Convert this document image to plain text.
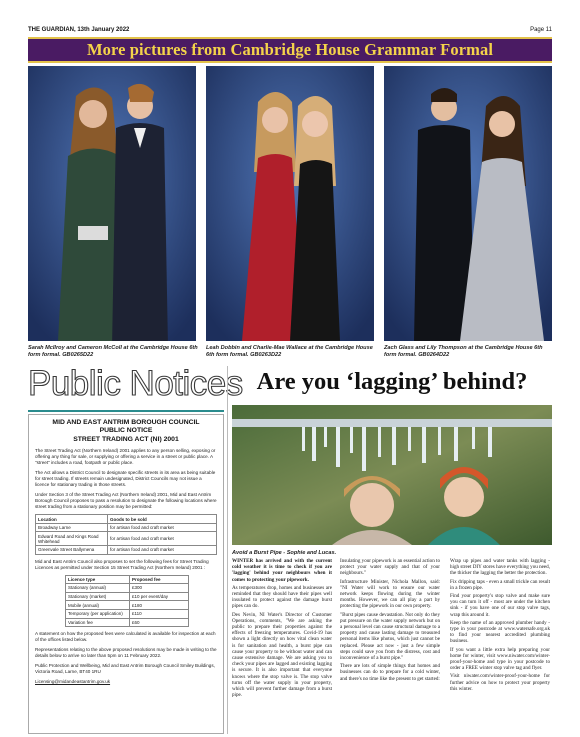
THE GUARDIAN, 13th January 2022	Page 11
More pictures from Cambridge House Grammar Formal
Sarah McIlroy and Cameron McColl at the Cambridge House 6th form formal. GB0265D22
Leah Dobbin and Charlie-Mae Wallace at the Cambridge House 6th form formal. GB0263D22
Zach Glass and Lily Thompson at the Cambridge House 6th form formal. GB0264D22
Public Notices
MID AND EAST ANTRIM BOROUGH COUNCIL
PUBLIC NOTICE
STREET TRADING ACT (NI) 2001

The Street Trading Act (Northern Ireland) 2001 applies to any person selling, exposing or offering any thing for sale, or supplying or offering a service in a street or public place. A "street" includes a road, footpath or public place.

The Act allows a District Council to designate specific streets in its area as being suitable for street trading. If streets remain undesignated, District Councils may not issue a licence for stationary trading in those streets.

Under Section 3 of the Street Trading Act (Northern Ireland) 2001, Mid and East Antrim Borough Council proposes to pass a resolution to designate the following locations where street trading from a stationary position may be permitted:

Location	Goods to be sold
Broadway Larne	for artisan food and craft market
Edward Road and Kings Road Whitehead	for artisan food and craft market
Greenvale Street Ballymena	for artisan food and craft market

Mid and East Antrim Council also proposes to set the following fees for Street Trading Licences as permitted under Section 15 Street Trading Act (Northern Ireland) 2001 :

Licence type	Proposed fee
Stationary (annual)	£300
Stationary (market)	£10 per event/day
Mobile (annual)	£180
Temporary (per application)	£110
Variation fee	£60

A statement on how the proposed fees were calculated is available for inspection at each of the offices listed below.

Representations relating to the above proposed resolutions may be made in writing to the details below to arrive no later than 5pm on 11 February 2022.

Public Protection and Wellbeing, Mid and East Antrim Borough Council Smiley Buildings, Victoria Road, Larne, BT40 1RU

Licensing@midandeastantrim.gov.uk

Are you ‘lagging’ behind?
Avoid a Burst Pipe - Sophie and Lucas.

WINTER has arrived and with the current cold weather it is time to check if you are 'lagging' behind your neighbours when it comes to protecting your pipework.

As temperatures drop, homes and businesses are reminded that they should have their pipes well insulated to protect against the damage burst pipes can do.

Des Nevin, NI Water's Director of Customer Operations, comments, "We are asking the public to prepare their properties against the effects of freezing temperatures. Covid-19 has shown a light directly on how vital clean water is for sanitation and health, a burst pipe can cause your property to be without water and can cause extensive damage. We are asking you to check your pipes are lagged and existing lagging is secure. It is also important that everyone knows where the stop valve is. The stop valve turns off the water supply in your property, which will prevent further damage from a burst pipe.

Insulating your pipework is an essential action to protect your water supply and that of your neighbours."

Infrastructure Minister, Nichola Mallon, said: "NI Water will work to ensure our water network keeps flowing during the winter months. However, we can all play a part by protecting the pipework in our own property.

"Burst pipes cause devastation. Not only do they put pressure on the water supply network but on a personal level can cause structural damage to a property and cause lasting damage to treasured personal items like photos, which just cannot be replaced. Please act now - just a few simple steps could save you from the distress, cost and inconvenience of a burst pipe."

There are lots of simple things that homes and businesses can do to prepare for a cold winter, and there's no time like the present to get started:

Wrap up pipes and water tanks with lagging - high street DIY stores have everything you need, the thicker the lagging the better the protection.

Fix dripping taps - even a small trickle can result in a frozen pipe.

Find your property's stop valve and make sure you can turn it off - most are under the kitchen sink - if you have one of our stop valve tags, wrap this around it.

Keep the name of an approved plumber handy - type in your postcode at www.watersafe.org.uk to find your nearest accredited plumbing business.

If you want a little extra help preparing your home for winter, visit www.niwater.com/winter-proof-your-home and type in your postcode to order a FREE winter stop valve tag and flyer.

Visit niwater.com/winter-proof-your-home for further advice on how to protect your property this winter.
